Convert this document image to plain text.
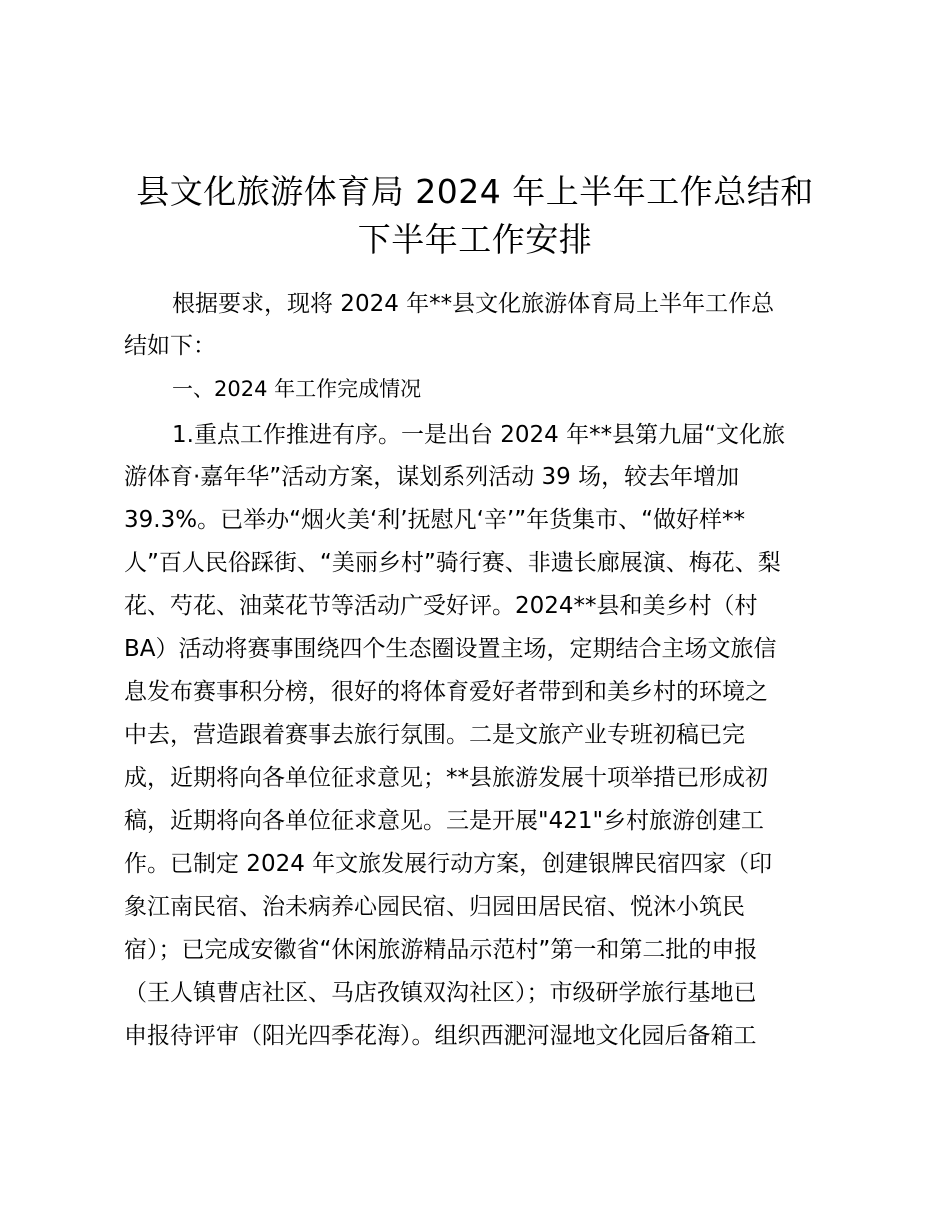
县文化旅游体育局 2024 年上半年工作总结和
下半年工作安排
根据要求，现将 2024 年**县文化旅游体育局上半年工作总
结如下：
一、2024 年工作完成情况
1.重点工作推进有序。一是出台 2024 年**县第九届“文化旅
游体育·嘉年华”活动方案，谋划系列活动 39 场，较去年增加
39.3%。已举办“烟火美‘利’抚慰凡‘辛’”年货集市、“做好样**
人”百人民俗踩街、“美丽乡村”骑行赛、非遗长廊展演、梅花、梨
花、芍花、油菜花节等活动广受好评。2024**县和美乡村（村
BA）活动将赛事围绕四个生态圈设置主场，定期结合主场文旅信
息发布赛事积分榜，很好的将体育爱好者带到和美乡村的环境之
中去，营造跟着赛事去旅行氛围。二是文旅产业专班初稿已完
成，近期将向各单位征求意见；**县旅游发展十项举措已形成初
稿，近期将向各单位征求意见。三是开展"421"乡村旅游创建工
作。已制定 2024 年文旅发展行动方案，创建银牌民宿四家（印
象江南民宿、治未病养心园民宿、归园田居民宿、悦沐小筑民
宿）；已完成安徽省“休闲旅游精品示范村”第一和第二批的申报
（王人镇曹店社区、马店孜镇双沟社区）；市级研学旅行基地已
申报待评审（阳光四季花海）。组织西淝河湿地文化园后备箱工
